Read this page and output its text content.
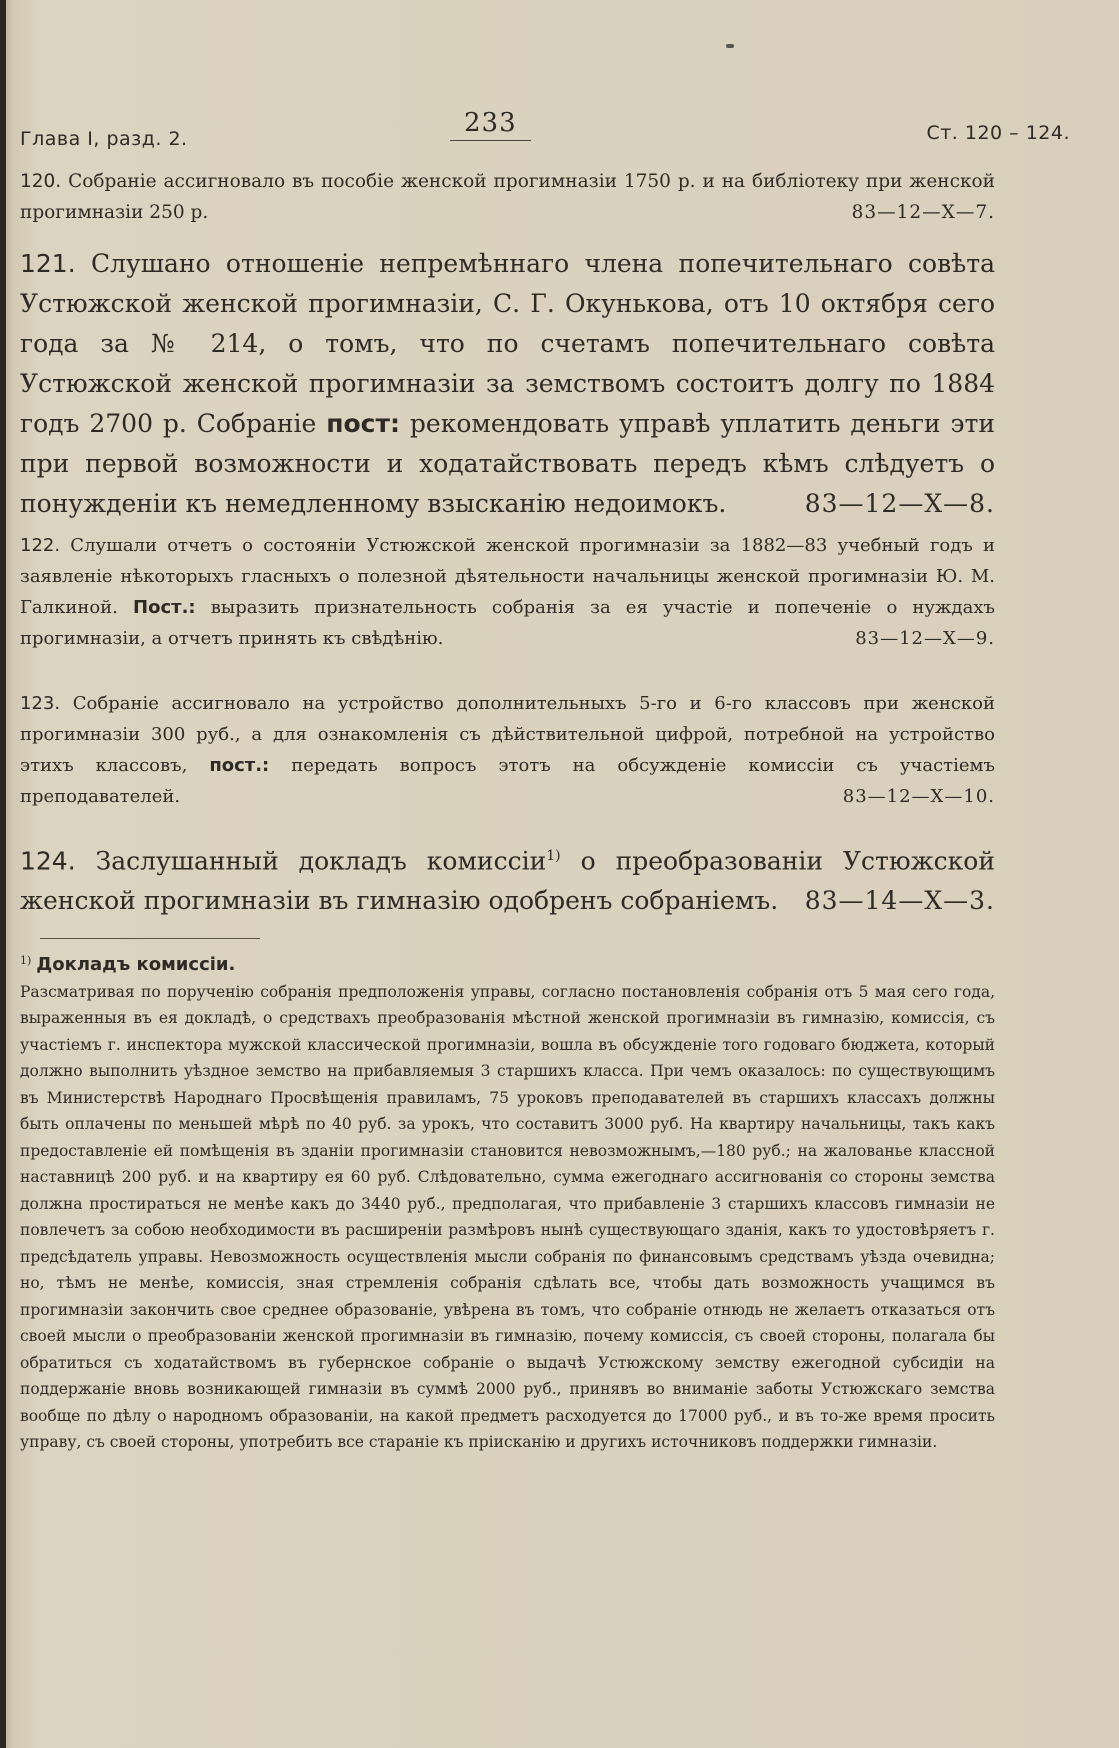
Глава I, разд. 2.
233	Ст. 120 – 124.
120. Собраніе ассигновало въ пособіе женской прогимназіи 1750 р. и на библіотеку при женской прогимназіи 250 р.	83—12—X—7.
121. Слушано отношеніе непремѣннаго члена попечительнаго совѣта Устюжской женской прогимназіи, С. Г. Окунькова, отъ 10 октября сего года за № 214, о томъ, что по счетамъ попечительнаго совѣта Устюжской женской прогимназіи за земствомъ состоитъ долгу по 1884 годъ 2700 р. Собраніе пост: рекомендовать управѣ уплатить деньги эти при первой возможности и ходатайствовать передъ кѣмъ слѣдуетъ о понужденіи къ немедленному взысканію недоимокъ.	83—12—X—8.
122. Слушали отчетъ о состояніи Устюжской женской прогимназіи за 1882—83 учебный годъ и заявленіе нѣкоторыхъ гласныхъ о полезной дѣятельности начальницы женской прогимназіи Ю. М. Галкиной. Пост.: выразить признательность собранія за ея участіе и попеченіе о нуждахъ прогимназіи, а отчетъ принять къ свѣдѣнію.	83—12—X—9.
123. Собраніе ассигновало на устройство дополнительныхъ 5-го и 6-го классовъ при женской прогимназіи 300 руб., а для ознакомленія съ дѣйствительной цифрой, потребной на устройство этихъ классовъ, пост.: передать вопросъ этотъ на обсужденіе комиссіи съ участіемъ преподавателей.	83—12—X—10.
124. Заслушанный докладъ комиссіи$^{1)}$ о преобразованіи Устюжской женской прогимназіи въ гимназію одобренъ собраніемъ.	83—14—X—3.
$^{1)}$ Докладъ комиссіи.
Разсматривая по порученію собранія предположенія управы, согласно постановленія собранія отъ 5 мая сего года, выраженныя въ ея докладѣ, о средствахъ преобразованія мѣстной женской прогимназіи въ гимназію, комиссія, съ участіемъ г. инспектора мужской классической прогимназіи, вошла въ обсужденіе того годоваго бюджета, который должно выполнить уѣздное земство на прибавляемыя 3 старшихъ класса. При чемъ оказалось: по существующимъ въ Министерствѣ Народнаго Просвѣщенія правиламъ, 75 уроковъ преподавателей въ старшихъ классахъ должны быть оплачены по меньшей мѣрѣ по 40 руб. за урокъ, что составитъ 3000 руб. На квартиру начальницы, такъ какъ предоставленіе ей помѣщенія въ зданіи прогимназіи становится невозможнымъ,—180 руб.; на жалованье классной наставницѣ 200 руб. и на квартиру ея 60 руб. Слѣдовательно, сумма ежегоднаго ассигнованія со стороны земства должна простираться не менѣе какъ до 3440 руб., предполагая, что прибавленіе 3 старшихъ классовъ гимназіи не повлечетъ за собою необходимости въ расширеніи размѣровъ нынѣ существующаго зданія, какъ то удостовѣряетъ г. предсѣдатель управы. Невозможность осуществленія мысли собранія по финансовымъ средствамъ уѣзда очевидна; но, тѣмъ не менѣе, комиссія, зная стремленія собранія сдѣлать все, чтобы дать возможность учащимся въ прогимназіи закончить свое среднее образованіе, увѣрена въ томъ, что собраніе отнюдь не желаетъ отказаться отъ своей мысли о преобразованіи женской прогимназіи въ гимназію, почему комиссія, съ своей стороны, полагала бы обратиться съ ходатайствомъ въ губернское собраніе о выдачѣ Устюжскому земству ежегодной субсидіи на поддержаніе вновь возникающей гимназіи въ суммѣ 2000 руб., принявъ во вниманіе заботы Устюжскаго земства вообще по дѣлу о народномъ образованіи, на какой предметъ расходуется до 17000 руб., и въ то-же время просить управу, съ своей стороны, употребить все стараніе къ пріисканію и другихъ источниковъ поддержки гимназіи.
